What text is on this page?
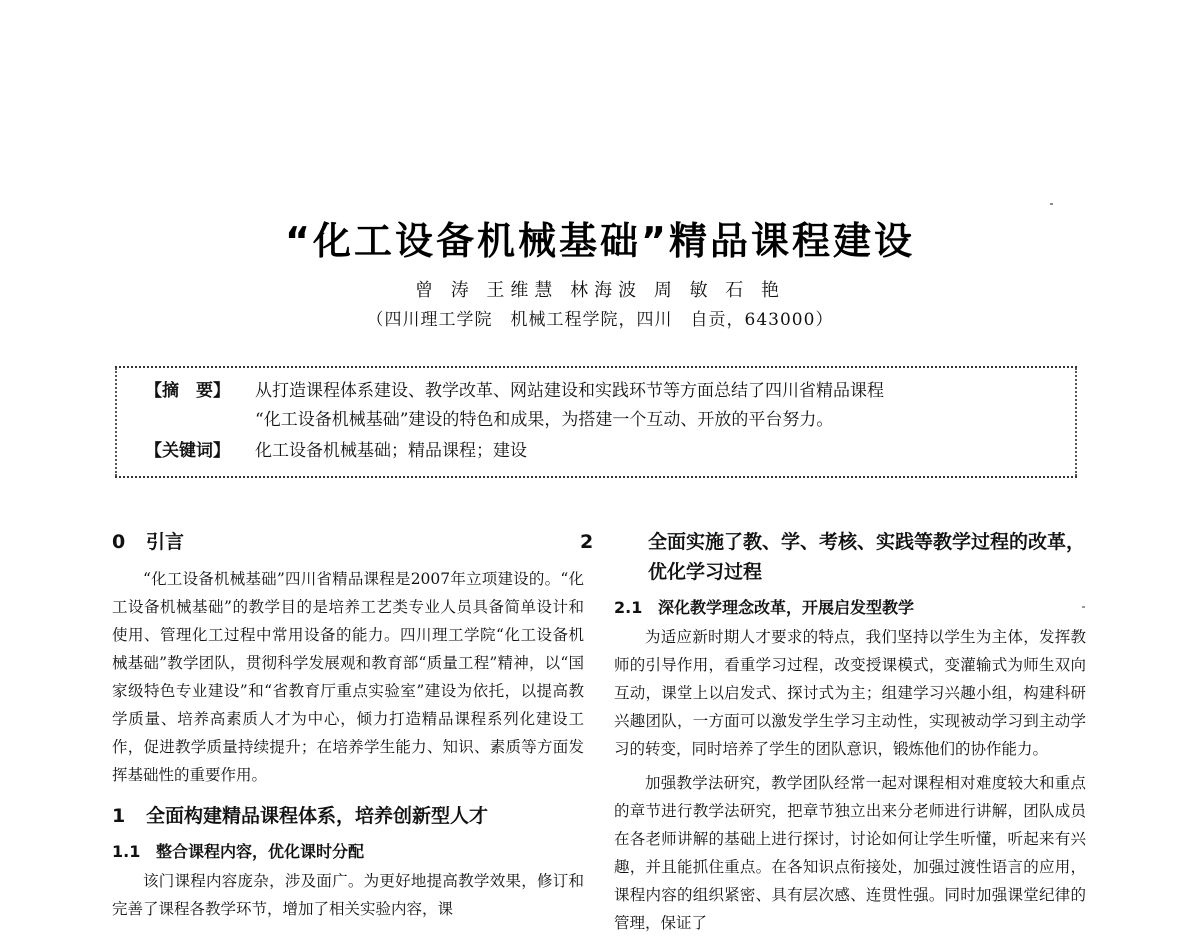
“化工设备机械基础”精品课程建设
曾 涛 王维慧 林海波 周 敏 石 艳
（四川理工学院　机械工程学院，四川　自贡，643000）
【摘　要】 从打造课程体系建设、教学改革、网站建设和实践环节等方面总结了四川省精品课程
“化工设备机械基础”建设的特色和成果，为搭建一个互动、开放的平台努力。
【关键词】 化工设备机械基础；精品课程；建设
0 引言

“化工设备机械基础”四川省精品课程是2007年立项建设的。“化工设备机械基础”的教学目的是培养工艺类专业人员具备简单设计和使用、管理化工过程中常用设备的能力。四川理工学院“化工设备机械基础”教学团队，贯彻科学发展观和教育部“质量工程”精神，以“国家级特色专业建设”和“省教育厅重点实验室”建设为依托，以提高教学质量、培养高素质人才为中心，倾力打造精品课程系列化建设工作，促进教学质量持续提升；在培养学生能力、知识、素质等方面发挥基础性的重要作用。

1 全面构建精品课程体系，培养创新型人才
1.1 整合课程内容，优化课时分配

该门课程内容庞杂，涉及面广。为更好地提高教学效果，修订和完善了课程各教学环节，增加了相关实验内容，课

2	全面实施了教、学、考核、实践等教学过程的改革，优化学习过程
2.1 深化教学理念改革，开展启发型教学

为适应新时期人才要求的特点，我们坚持以学生为主体，发挥教师的引导作用，看重学习过程，改变授课模式，变灌输式为师生双向互动，课堂上以启发式、探讨式为主；组建学习兴趣小组，构建科研兴趣团队，一方面可以激发学生学习主动性，实现被动学习到主动学习的转变，同时培养了学生的团队意识，锻炼他们的协作能力。

加强教学法研究，教学团队经常一起对课程相对难度较大和重点的章节进行教学法研究，把章节独立出来分老师进行讲解，团队成员在各老师讲解的基础上进行探讨，讨论如何让学生听懂，听起来有兴趣，并且能抓住重点。在各知识点衔接处，加强过渡性语言的应用，课程内容的组织紧密、具有层次感、连贯性强。同时加强课堂纪律的管理，保证了
